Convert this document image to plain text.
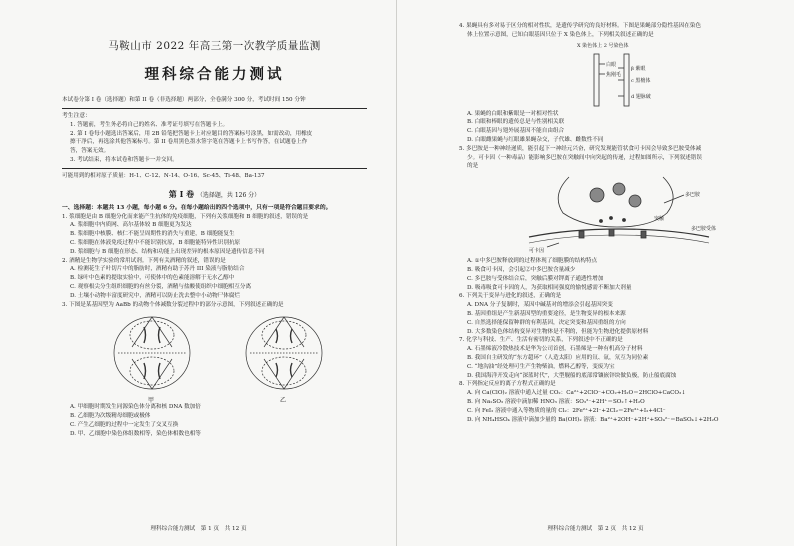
马鞍山市 2022 年高三第一次教学质量监测
理科综合能力测试
本试卷分第 I 卷（选择题）和第 II 卷（非选择题）两部分，全卷满分 300 分，考试时间 150 分钟
考生注意：
1. 答题前，考生务必将自己的姓名、准考证号填写在答题卡上。
2. 第 I 卷每小题选出答案后，用 2B 铅笔把答题卡上对应题目的答案标号涂黑，如需改动，用橡皮
擦干净后，再选涂其他答案标号。第 II 卷用黑色墨水签字笔在答题卡上书写作答，在试题卷上作
答，答案无效。
3. 考试结束，将本试卷和答题卡一并交回。
可能用到的相对原子质量：H-1、C-12、N-14、O-16、Sc-45、Ti-48、Ba-137
第 I 卷 （选择题，共 126 分）
一、选择题：本题共 13 小题，每小题 6 分。在每小题给出的四个选项中，只有一项是符合题目要求的。
1. 浆细胞是由 B 细胞分化而来能产生抗体的免疫细胞，下列有关浆细胞和 B 细胞的叙述，错误的是
A. 浆细胞中内质网、高尔基体较 B 细胞更为发达
B. 浆细胞中核膜、核仁不能呈周期性的消失与重建，B 细胞能复生
C. 浆细胞在体液免疫过程中不能识别抗原，B 细胞能特异性识别抗原
D. 浆细胞与 B 细胞在形态、结构和功能上出现差异的根本原因是遗传信息不同
2. 酒精是生物学实验的常用试剂。下列有关酒精的叙述，错误的是
A. 检测花生子叶切片中的脂肪时，酒精有助于苏丹 III 染液与脂肪结合
B. 绿叶中色素的提取实验中，可使体中的色素能溶解于无水乙醇中
C. 观察根尖分生组织细胞的有丝分裂，酒精与盐酸使组织中细胞相互分离
D. 土壤小动物丰富度研究中，酒精可以防止洗去整中小动物尸体腐烂
3. 下图是某基因型为 AaBb 的动物个体减数分裂过程中的部分示意图，下列叙述正确的是
甲	乙
A. 甲细胞时期发生同源染色体分离和核 DNA 数加倍
B. 乙细胞为次级精母细胞或极体
C. 产生乙细胞的过程中一定发生了交叉互换
D. 甲、乙细胞中染色体组数相等，染色体相数也相等
理科综合能力测试　第 1 页　共 12 页
4. 果蝇具有多对易于区分的相对性状，是遗传学研究的良好材料。下图是果蝇部分隐性基因在染色
体上位置示意图，已知白眼基因只位于 X 染色体上，下列相关叙述正确的是
X 染色体上 2 号染色体
白眼
焦刚毛
β 紫眼
c 黑檀体
d 翅脉破
A. 果蝇的白眼和紫眼是一对相对性状
B. 白眼和棒眼的遗传总是与性别相关联
C. 白眼基因与翅外展基因不能自由组合
D. 白眼雌果蝇与红眼雄果蝇杂交，子代雄、雌数性不同
5. 多巴胺是一种神经递质，能引起下一神经元兴奋，研究发现能管状食可卡因会导致多巴胺受体减
少。可卡因（一种毒品）能影响多巴胺在突触间中向突起的传递，过程如图所示，下列叙述错误
的是
多巴胺
多巴胺受体
突触
可卡因
A. ①中多巴胺释放到的过程体现了细胞膜的结构特点
B. 吸食可卡因，会引起②中多巴胺含量减少
C. 多巴胺与受体结合后，突触后膜对钾离子通透性增加
D. 吸毒吸食可卡因的人，为获取相同强度的愉悦感需不断加大剂量
6. 下列关于变异与进化的叙述，正确的是
A. DNA 分子复制时，某因中碱基对的增添会引起基因突变
B. 基因重组是产生新基因型的重要途径，是生物变异的根本来源
C. 自然选择能保留种群的有利基因，决定突变和基因重组的方向
D. 大多数染色体结构变异对生物体是不利的，但能为生物进化提供原材料
7. 化学与科技、生产、生活有密切的关系，下列叙述中不正确的是
A. 石墨烯液冷散热技术是华为公司首创，石墨烯是一种有机高分子材料
B. 我国自主研发的“东方超环”（人造太阳）应用的氘、氚，氘互为同位素
C. “地沟油”经处理可生产生物柴油，燃料乙醇等，变废为宝
D. 我国海洋开发走向“深蓝时代”，大型舰船的底部常镶嵌锌块做负极，防止船底腐蚀
8. 下列指定反应的离子方程式正确的是
A. 向 Ca(ClO)₂ 溶液中通入过量 CO₂：Ca²⁺+2ClO⁻+CO₂+H₂O＝2HClO+CaCO₃↓
B. 向 Na₂SO₃ 溶液中滴加稀 HNO₃ 溶液：SO₃²⁻+2H⁺＝SO₂↑+H₂O
C. 向 FeI₂ 溶液中通入等物质的量的 Cl₂：2Fe²⁺+2I⁻+2Cl₂＝2Fe³⁺+I₂+4Cl⁻
D. 向 NH₄HSO₄ 溶液中滴加少量的 Ba(OH)₂ 溶液：Ba²⁺+2OH⁻+2H⁺+SO₄²⁻＝BaSO₄↓+2H₂O
理科综合能力测试　第 2 页　共 12 页
